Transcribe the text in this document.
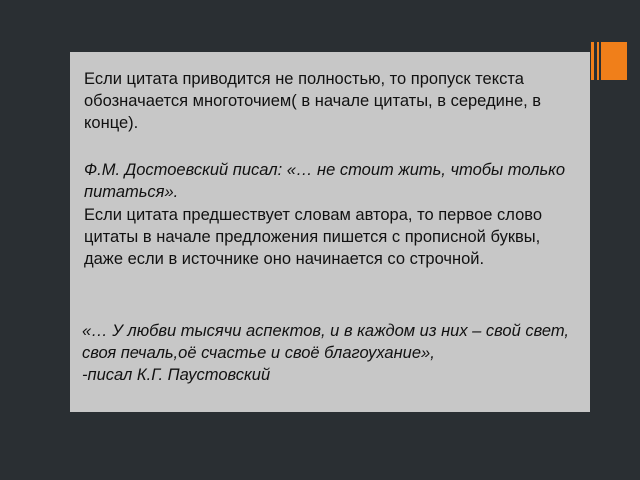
Если цитата приводится не полностью, то пропуск текста обозначается многоточием( в начале цитаты, в середине, в конце).

Ф.М. Достоевский писал: «… не стоит жить, чтобы только питаться».

Если цитата предшествует словам автора, то первое слово цитаты в начале предложения пишется с прописной буквы, даже если в источнике оно начинается со строчной.

«… У любви тысячи аспектов, и в каждом из них – свой свет, своя печаль,оё счастье и своё благоухание»,
-писал К.Г. Паустовский
